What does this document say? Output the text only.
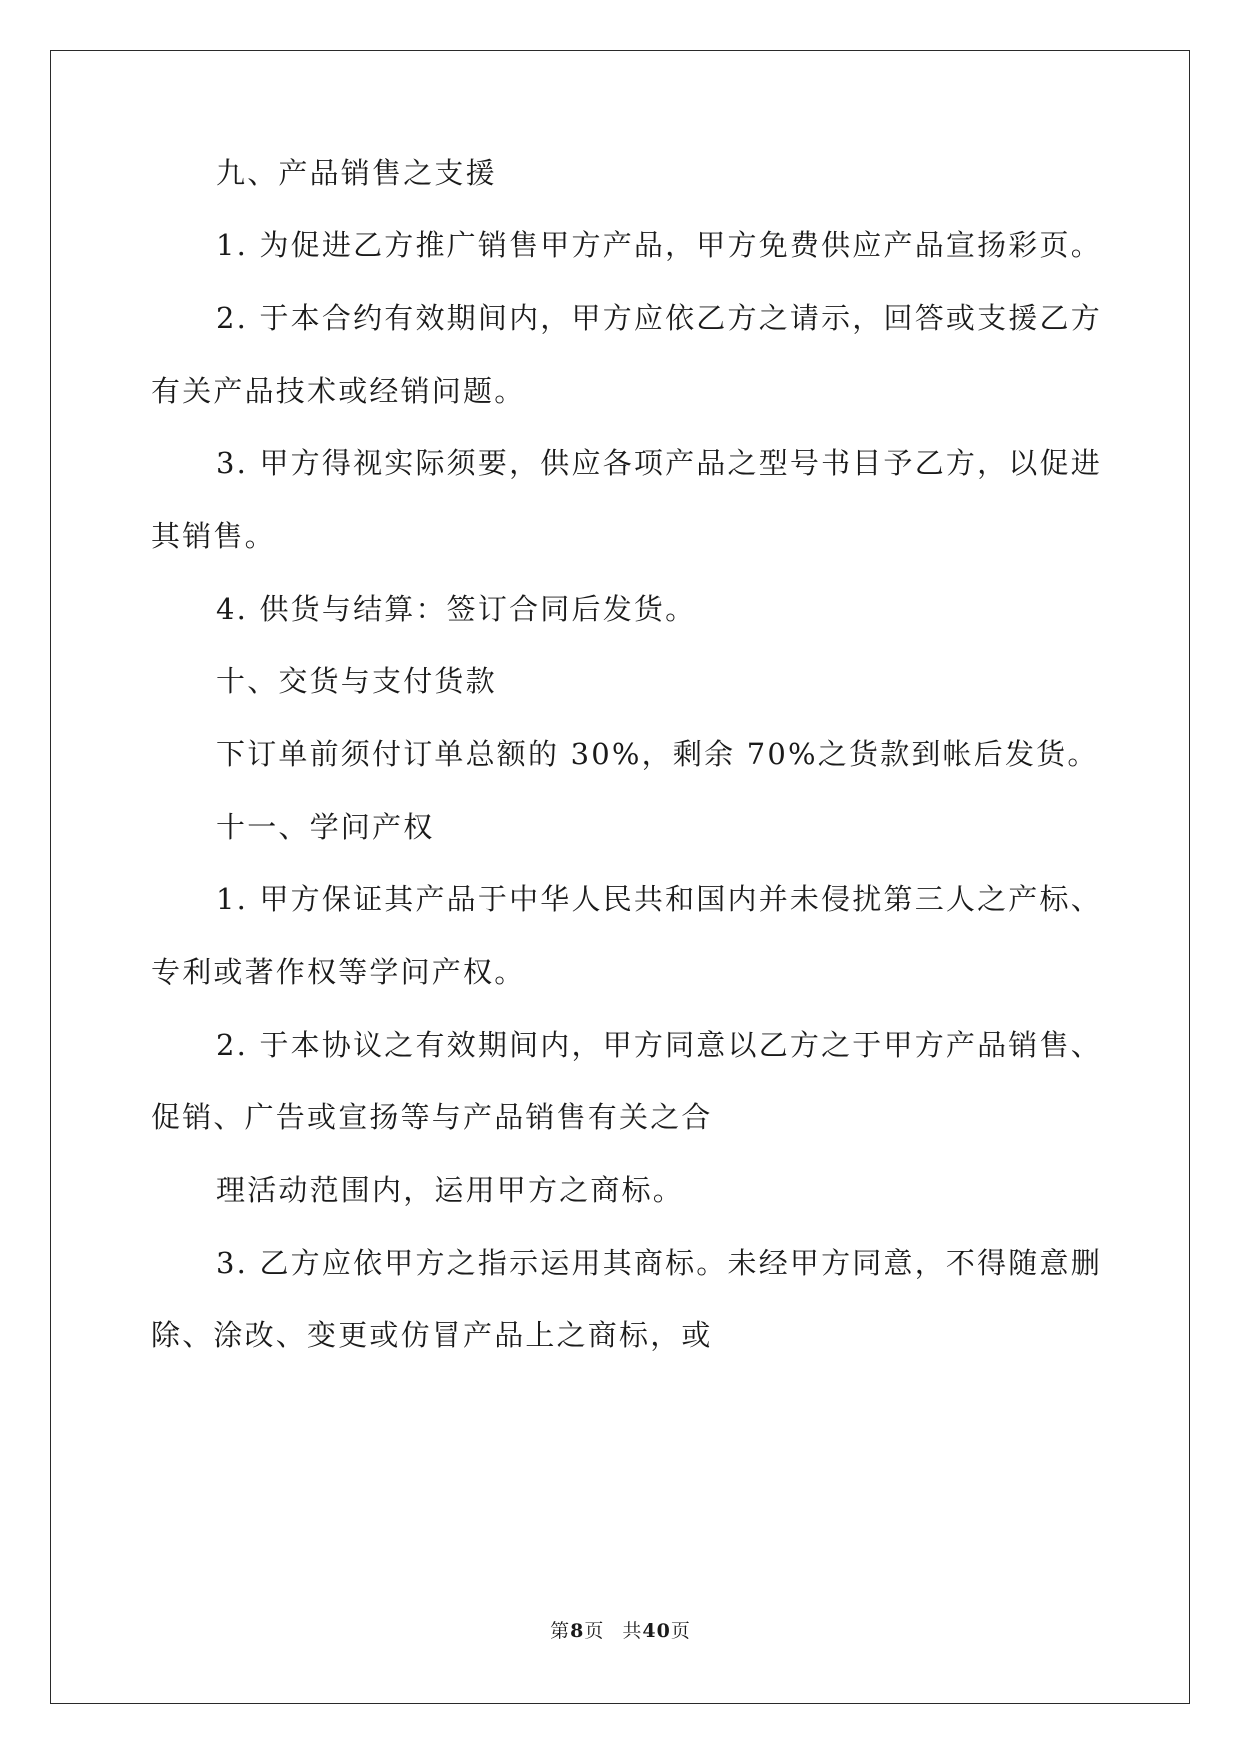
九、产品销售之支援
1. 为促进乙方推广销售甲方产品，甲方免费供应产品宣扬彩页。
2. 于本合约有效期间内，甲方应依乙方之请示，回答或支援乙方
有关产品技术或经销问题。
3. 甲方得视实际须要，供应各项产品之型号书目予乙方，以促进
其销售。
4. 供货与结算：签订合同后发货。
十、交货与支付货款
下订单前须付订单总额的 30%，剩余 70%之货款到帐后发货。
十一、学问产权
1. 甲方保证其产品于中华人民共和国内并未侵扰第三人之产标、
专利或著作权等学问产权。
2. 于本协议之有效期间内，甲方同意以乙方之于甲方产品销售、
促销、广告或宣扬等与产品销售有关之合
理活动范围内，运用甲方之商标。
3. 乙方应依甲方之指示运用其商标。未经甲方同意，不得随意删
除、涂改、变更或仿冒产品上之商标，或
第8页 共40页
